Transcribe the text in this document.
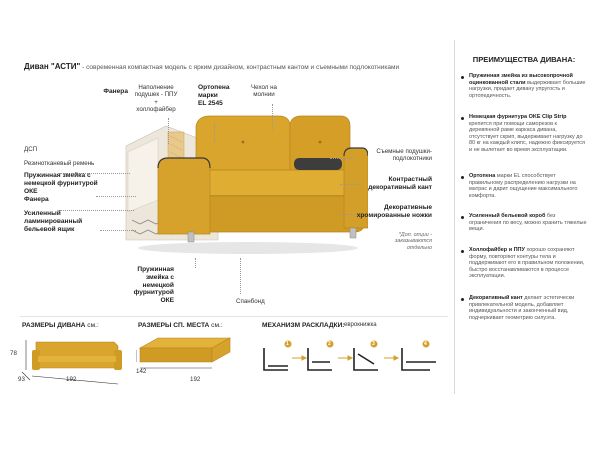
Диван "АСТИ" - современная компактная модель с ярким дизайном, контрастным кантом и съемными подлокотниками
Фанера
Наполнение подушек - ППУ + холлофайбер
Ортопена
марки
EL 2545
Чехол на молнии
ДСП
Резинотканевый ремень
Пружинная змейка с немецкой фурнитурой ОКЕ
Фанера
Усиленный ламинированный бельевой ящик
Съемные подушки-подлокотники
Контрастный декоративный кант
Декоративные хромированные ножки
*Доп. опции - заказываются отдельно
Пружинная змейка с немецкой фурнитурой ОКЕ	Спанбонд
РАЗМЕРЫ ДИВАНА см.:
78
93	192
РАЗМЕРЫ СП. МЕСТА см.:
142
192
МЕХАНИЗМ РАСКЛАДКИ: еврокнижка
1	2	3	4
ПРЕИМУЩЕСТВА ДИВАНА:
Пружинная змейка из высокопрочной оцинкованной стали выдерживает большие нагрузки, придает дивану упругость и ортопедичность.
Немецкая фурнитура OKE Clip Strip крепится при помощи саморезов к деревянной раме каркаса дивана, отсутствует скрип, выдерживает нагрузку до 80 кг на каждый клипс, надежно фиксируется и не вылетает во время эксплуатации.
Ортопена марки EL способствует правильному распределению нагрузки на матрас и дарит ощущение максимального комфорта.
Усиленный бельевой короб без ограничения по весу, можно хранить тяжелые вещи.
Холлофайбер и ППУ хорошо сохраняют форму, повторяют контуры тела и поддерживают его в правильном положении, быстро восстанавливаются в процессе эксплуатации.
Декоративный кант делает эстетически привлекательной модель, добавляет индивидуальности и законченный вид, подчеркивает геометрию силуэта.
